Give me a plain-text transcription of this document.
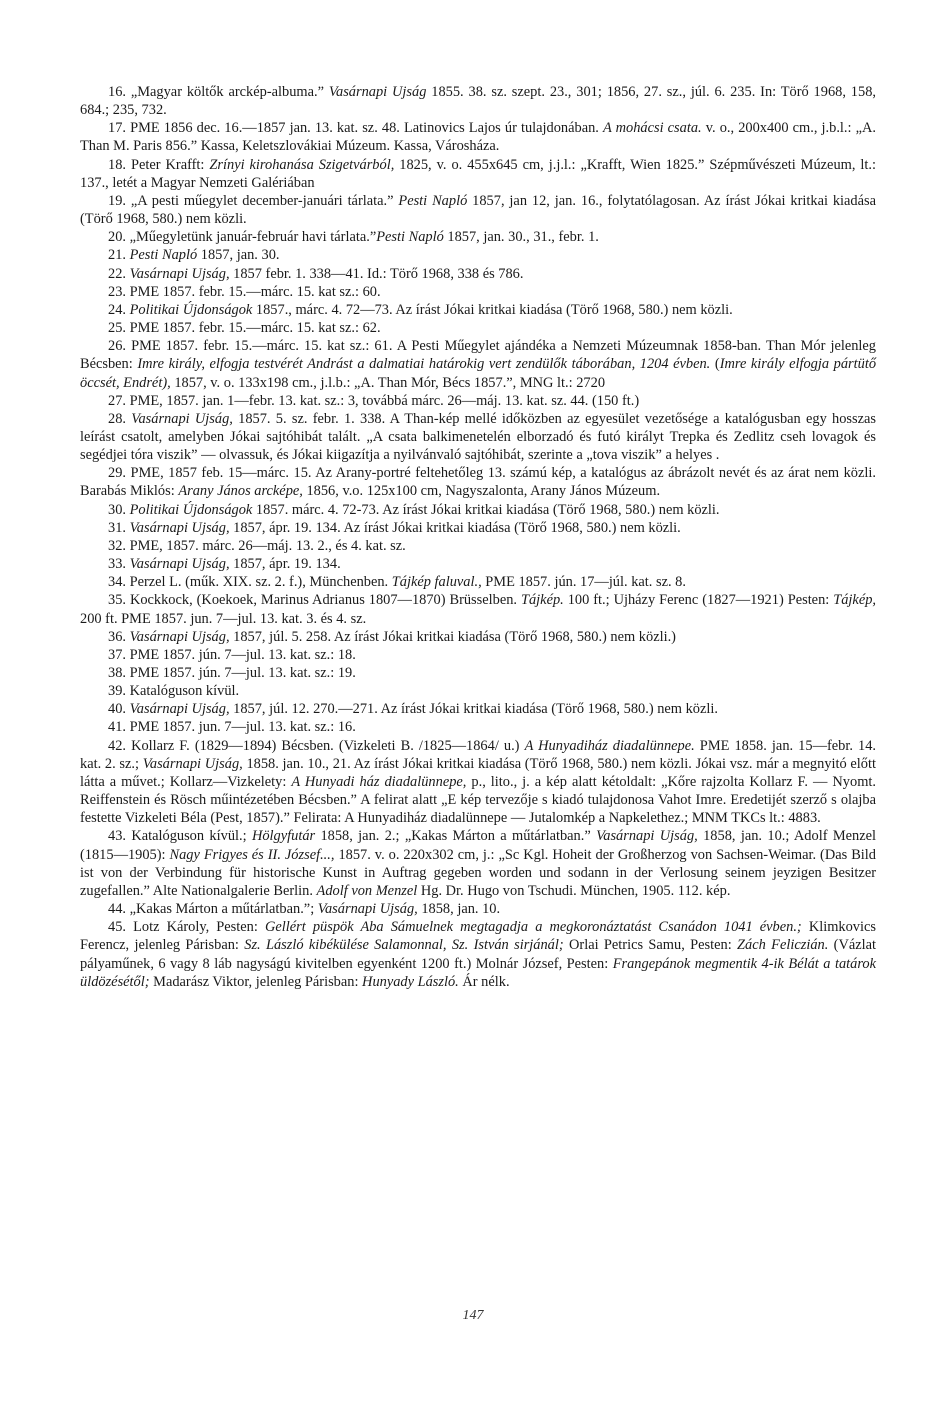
16. „Magyar költők arckép-albuma.” Vasárnapi Ujság 1855. 38. sz. szept. 23., 301; 1856, 27. sz., júl. 6. 235. In: Törő 1968, 158, 684.; 235, 732.

17. PME 1856 dec. 16.—1857 jan. 13. kat. sz. 48. Latinovics Lajos úr tulajdonában. A mohácsi csata. v. o., 200x400 cm., j.b.l.: „A. Than M. Paris 856.” Kassa, Keletszlovákiai Múzeum. Kassa, Városháza.

18. Peter Krafft: Zrínyi kirohanása Szigetvárból, 1825, v. o. 455x645 cm, j.j.l.: „Krafft, Wien 1825.” Szépművészeti Múzeum, lt.: 137., letét a Magyar Nemzeti Galériában

19. „A pesti műegylet december-januári tárlata.” Pesti Napló 1857, jan 12, jan. 16., folytatólagosan. Az írást Jókai kritkai kiadása (Törő 1968, 580.) nem közli.

20. „Műegyletünk január-február havi tárlata.”Pesti Napló 1857, jan. 30., 31., febr. 1.

21. Pesti Napló 1857, jan. 30.

22. Vasárnapi Ujság, 1857 febr. 1. 338—41. Id.: Törő 1968, 338 és 786.

23. PME 1857. febr. 15.—márc. 15. kat sz.: 60.

24. Politikai Újdonságok 1857., márc. 4. 72—73. Az írást Jókai kritkai kiadása (Törő 1968, 580.) nem közli.

25. PME 1857. febr. 15.—márc. 15. kat sz.: 62.

26. PME 1857. febr. 15.—márc. 15. kat sz.: 61. A Pesti Műegylet ajándéka a Nemzeti Múzeumnak 1858-ban. Than Mór jelenleg Bécsben: Imre király, elfogja testvérét Andrást a dalmatiai határokig vert zendülők táborában, 1204 évben. (Imre király elfogja pártütő öccsét, Endrét), 1857, v. o. 133x198 cm., j.l.b.: „A. Than Mór, Bécs 1857.”, MNG lt.: 2720

27. PME, 1857. jan. 1—febr. 13. kat. sz.: 3, továbbá márc. 26—máj. 13. kat. sz. 44. (150 ft.)

28. Vasárnapi Ujság, 1857. 5. sz. febr. 1. 338. A Than-kép mellé időközben az egyesület vezetősége a katalógusban egy hosszas leírást csatolt, amelyben Jókai sajtóhibát talált. „A csata balkimenetelén elborzadó és futó királyt Trepka és Zedlitz cseh lovagok és segédjei tóra viszik” — olvassuk, és Jókai kiigazítja a nyilvánvaló sajtóhibát, szerinte a „tova viszik” a helyes .

29. PME, 1857 feb. 15—márc. 15. Az Arany-portré feltehetőleg 13. számú kép, a katalógus az ábrázolt nevét és az árat nem közli. Barabás Miklós: Arany János arcképe, 1856, v.o. 125x100 cm, Nagyszalonta, Arany János Múzeum.

30. Politikai Újdonságok 1857. márc. 4. 72-73. Az írást Jókai kritkai kiadása (Törő 1968, 580.) nem közli.

31. Vasárnapi Ujság, 1857, ápr. 19. 134. Az írást Jókai kritkai kiadása (Törő 1968, 580.) nem közli.

32. PME, 1857. márc. 26—máj. 13. 2., és 4. kat. sz.

33. Vasárnapi Ujság, 1857, ápr. 19. 134.

34. Perzel L. (műk. XIX. sz. 2. f.), Münchenben. Tájkép faluval., PME 1857. jún. 17—júl. kat. sz. 8.

35. Kockkock, (Koekoek, Marinus Adrianus 1807—1870) Brüsselben. Tájkép. 100 ft.; Ujházy Ferenc (1827—1921) Pesten: Tájkép, 200 ft. PME 1857. jun. 7—jul. 13. kat. 3. és 4. sz.

36. Vasárnapi Ujság, 1857, júl. 5. 258. Az írást Jókai kritkai kiadása (Törő 1968, 580.) nem közli.)

37. PME 1857. jún. 7—jul. 13. kat. sz.: 18.

38. PME 1857. jún. 7—jul. 13. kat. sz.: 19.

39. Katalóguson kívül.

40. Vasárnapi Ujság, 1857, júl. 12. 270.—271. Az írást Jókai kritkai kiadása (Törő 1968, 580.) nem közli.

41. PME 1857. jun. 7—jul. 13. kat. sz.: 16.

42. Kollarz F. (1829—1894) Bécsben. (Vizkeleti B. /1825—1864/ u.) A Hunyadiház diadalünnepe. PME 1858. jan. 15—febr. 14. kat. 2. sz.; Vasárnapi Ujság, 1858. jan. 10., 21. Az írást Jókai kritkai kiadása (Törő 1968, 580.) nem közli. Jókai vsz. már a megnyitó előtt látta a művet.; Kollarz—Vizkelety: A Hunyadi ház diadalünnepe, p., lito., j. a kép alatt kétoldalt: „Kőre rajzolta Kollarz F. — Nyomt. Reiffenstein és Rösch műintézetében Bécsben.” A felirat alatt „E kép tervezője s kiadó tulajdonosa Vahot Imre. Eredetijét szerző s olajba festette Vizkeleti Béla (Pest, 1857).” Felirata: A Hunyadiház diadalünnepe — Jutalomkép a Napkelethez.; MNM TKCs lt.: 4883.

43. Katalóguson kívül.; Hölgyfutár 1858, jan. 2.; „Kakas Márton a műtárlatban.” Vasárnapi Ujság, 1858, jan. 10.; Adolf Menzel (1815—1905): Nagy Frigyes és II. József..., 1857. v. o. 220x302 cm, j.: „Sc Kgl. Hoheit der Großherzog von Sachsen-Weimar. (Das Bild ist von der Verbindung für historische Kunst in Auftrag gegeben worden und sodann in der Verlosung seinem jeyzigen Besitzer zugefallen.” Alte Nationalgalerie Berlin. Adolf von Menzel Hg. Dr. Hugo von Tschudi. München, 1905. 112. kép.

44. „Kakas Márton a műtárlatban.”; Vasárnapi Ujság, 1858, jan. 10.

45. Lotz Károly, Pesten: Gellért püspök Aba Sámuelnek megtagadja a megkoronáztatást Csanádon 1041 évben.; Klimkovics Ferencz, jelenleg Párisban: Sz. László kibékülése Salamonnal, Sz. István sirjánál; Orlai Petrics Samu, Pesten: Zách Feliczián. (Vázlat pályaműnek, 6 vagy 8 láb nagyságú kivitelben egyenként 1200 ft.) Molnár József, Pesten: Frangepánok megmentik 4-ik Bélát a tatárok üldözésétől; Madarász Viktor, jelenleg Párisban: Hunyady László. Ár nélk.

147
